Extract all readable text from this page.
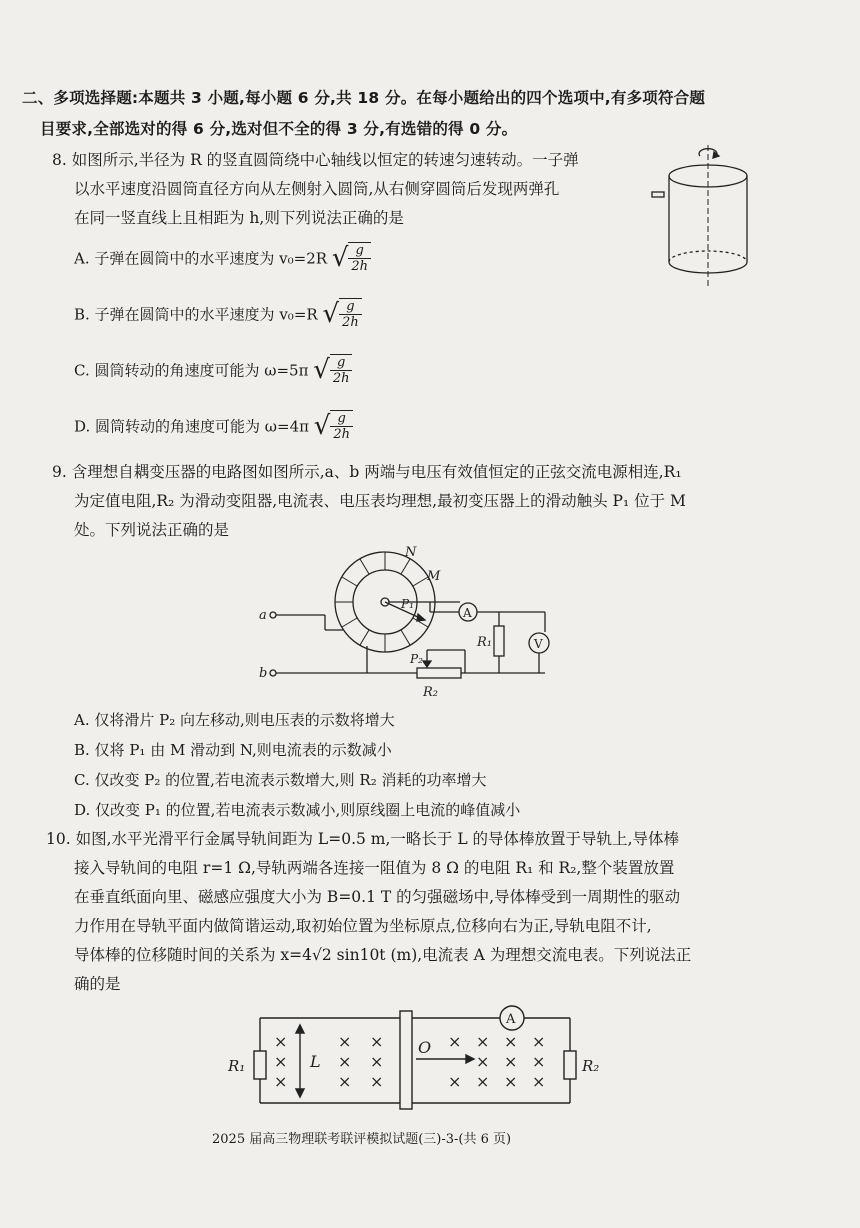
二、多项选择题:本题共 3 小题,每小题 6 分,共 18 分。在每小题给出的四个选项中,有多项符合题
目要求,全部选对的得 6 分,选对但不全的得 3 分,有选错的得 0 分。
8. 如图所示,半径为 R 的竖直圆筒绕中心轴线以恒定的转速匀速转动。一子弹
以水平速度沿圆筒直径方向从左侧射入圆筒,从右侧穿圆筒后发现两弹孔
在同一竖直线上且相距为 h,则下列说法正确的是
A. 子弹在圆筒中的水平速度为 v₀=2R √ $\frac{g}{2h}$
B. 子弹在圆筒中的水平速度为 v₀=R √ $\frac{g}{2h}$
C. 圆筒转动的角速度可能为 ω=5π √ $\frac{g}{2h}$
D. 圆筒转动的角速度可能为 ω=4π √ $\frac{g}{2h}$
9. 含理想自耦变压器的电路图如图所示,a、b 两端与电压有效值恒定的正弦交流电源相连,R₁
为定值电阻,R₂ 为滑动变阻器,电流表、电压表均理想,最初变压器上的滑动触头 P₁ 位于 M
处。下列说法正确的是
N
M
P₁
a
b
A
V
R₁
P₂
R₂
A. 仅将滑片 P₂ 向左移动,则电压表的示数将增大
B. 仅将 P₁ 由 M 滑动到 N,则电流表的示数减小
C. 仅改变 P₂ 的位置,若电流表示数增大,则 R₂ 消耗的功率增大
D. 仅改变 P₁ 的位置,若电流表示数减小,则原线圈上电流的峰值减小
10. 如图,水平光滑平行金属导轨间距为 L=0.5 m,一略长于 L 的导体棒放置于导轨上,导体棒
接入导轨间的电阻 r=1 Ω,导轨两端各连接一阻值为 8 Ω 的电阻 R₁ 和 R₂,整个装置放置
在垂直纸面向里、磁感应强度大小为 B=0.1 T 的匀强磁场中,导体棒受到一周期性的驱动
力作用在导轨平面内做简谐运动,取初始位置为坐标原点,位移向右为正,导轨电阻不计,
导体棒的位移随时间的关系为 x=4√2 sin10t (m),电流表 A 为理想交流电表。下列说法正
确的是
×
×
×
×
×
×
×
×
×
×
×
×
×
×
×
×
×
×
×
×
R₁	R₂
L
O
A
2025 届高三物理联考联评模拟试题(三)-3-(共 6 页)
